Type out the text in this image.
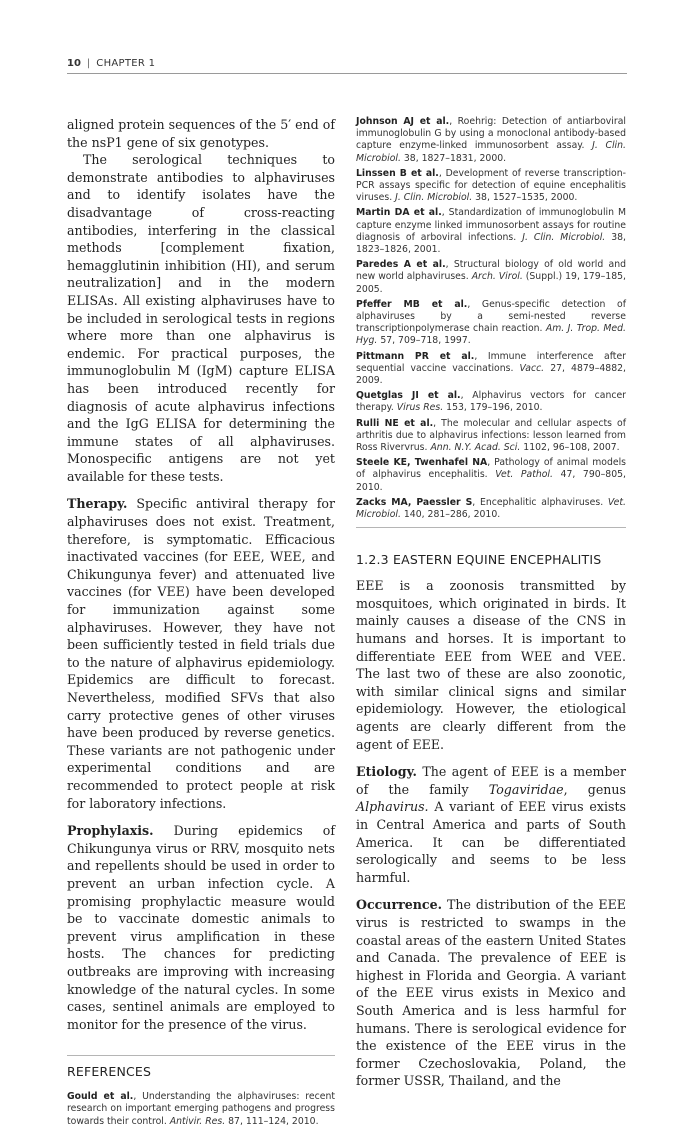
10 | CHAPTER 1

aligned protein sequences of the 5′ end of the nsP1 gene of six genotypes.

The serological techniques to demonstrate antibodies to alphaviruses and to identify isolates have the disadvantage of cross-reacting antibodies, interfering in the classical methods [complement fixation, hemagglutinin inhibition (HI), and serum neutralization] and in the modern ELISAs. All existing alphaviruses have to be included in serological tests in regions where more than one alphavirus is endemic. For practical purposes, the immunoglobulin M (IgM) capture ELISA has been introduced recently for diagnosis of acute alphavirus infections and the IgG ELISA for determining the immune states of all alphaviruses. Monospecific antigens are not yet available for these tests.

Therapy. Specific antiviral therapy for alphaviruses does not exist. Treatment, therefore, is symptomatic. Efficacious inactivated vaccines (for EEE, WEE, and Chikungunya fever) and attenuated live vaccines (for VEE) have been developed for immunization against some alphaviruses. However, they have not been sufficiently tested in field trials due to the nature of alphavirus epidemiology. Epidemics are difficult to forecast. Nevertheless, modified SFVs that also carry protective genes of other viruses have been produced by reverse genetics. These variants are not pathogenic under experimental conditions and are recommended to protect people at risk for laboratory infections.

Prophylaxis. During epidemics of Chikungunya virus or RRV, mosquito nets and repellents should be used in order to prevent an urban infection cycle. A promising prophylactic measure would be to vaccinate domestic animals to prevent virus amplification in these hosts. The chances for predicting outbreaks are improving with increasing knowledge of the natural cycles. In some cases, sentinel animals are employed to monitor for the presence of the virus.

REFERENCES

Gould et al., Understanding the alphaviruses: recent research on important emerging pathogens and progress towards their control. Antivir. Res. 87, 111–124, 2010.

Johnson AJ et al., Roehrig: Detection of antiarboviral immunoglobulin G by using a monoclonal antibody-based capture enzyme-linked immunosorbent assay. J. Clin. Microbiol. 38, 1827–1831, 2000.

Linssen B et al., Development of reverse transcription-PCR assays specific for detection of equine encephalitis viruses. J. Clin. Microbiol. 38, 1527–1535, 2000.

Martin DA et al., Standardization of immunoglobulin M capture enzyme linked immunosorbent assays for routine diagnosis of arboviral infections. J. Clin. Microbiol. 38, 1823–1826, 2001.

Paredes A et al., Structural biology of old world and new world alphaviruses. Arch. Virol. (Suppl.) 19, 179–185, 2005.

Pfeffer MB et al., Genus-specific detection of alphaviruses by a semi-nested reverse transcriptionpolymerase chain reaction. Am. J. Trop. Med. Hyg. 57, 709–718, 1997.

Pittmann PR et al., Immune interference after sequential vaccine vaccinations. Vacc. 27, 4879–4882, 2009.

Quetglas JI et al., Alphavirus vectors for cancer therapy. Virus Res. 153, 179–196, 2010.

Rulli NE et al., The molecular and cellular aspects of arthritis due to alphavirus infections: lesson learned from Ross Rivervrus. Ann. N.Y. Acad. Sci. 1102, 96–108, 2007.

Steele KE, Twenhafel NA, Pathology of animal models of alphavirus encephalitis. Vet. Pathol. 47, 790–805, 2010.

Zacks MA, Paessler S, Encephalitic alphaviruses. Vet. Microbiol. 140, 281–286, 2010.

1.2.3 EASTERN EQUINE ENCEPHALITIS

EEE is a zoonosis transmitted by mosquitoes, which originated in birds. It mainly causes a disease of the CNS in humans and horses. It is important to differentiate EEE from WEE and VEE. The last two of these are also zoonotic, with similar clinical signs and similar epidemiology. However, the etiological agents are clearly different from the agent of EEE.

Etiology. The agent of EEE is a member of the family Togaviridae, genus Alphavirus. A variant of EEE virus exists in Central America and parts of South America. It can be differentiated serologically and seems to be less harmful.

Occurrence. The distribution of the EEE virus is restricted to swamps in the coastal areas of the eastern United States and Canada. The prevalence of EEE is highest in Florida and Georgia. A variant of the EEE virus exists in Mexico and South America and is less harmful for humans. There is serological evidence for the existence of the EEE virus in the former Czechoslovakia, Poland, the former USSR, Thailand, and the
